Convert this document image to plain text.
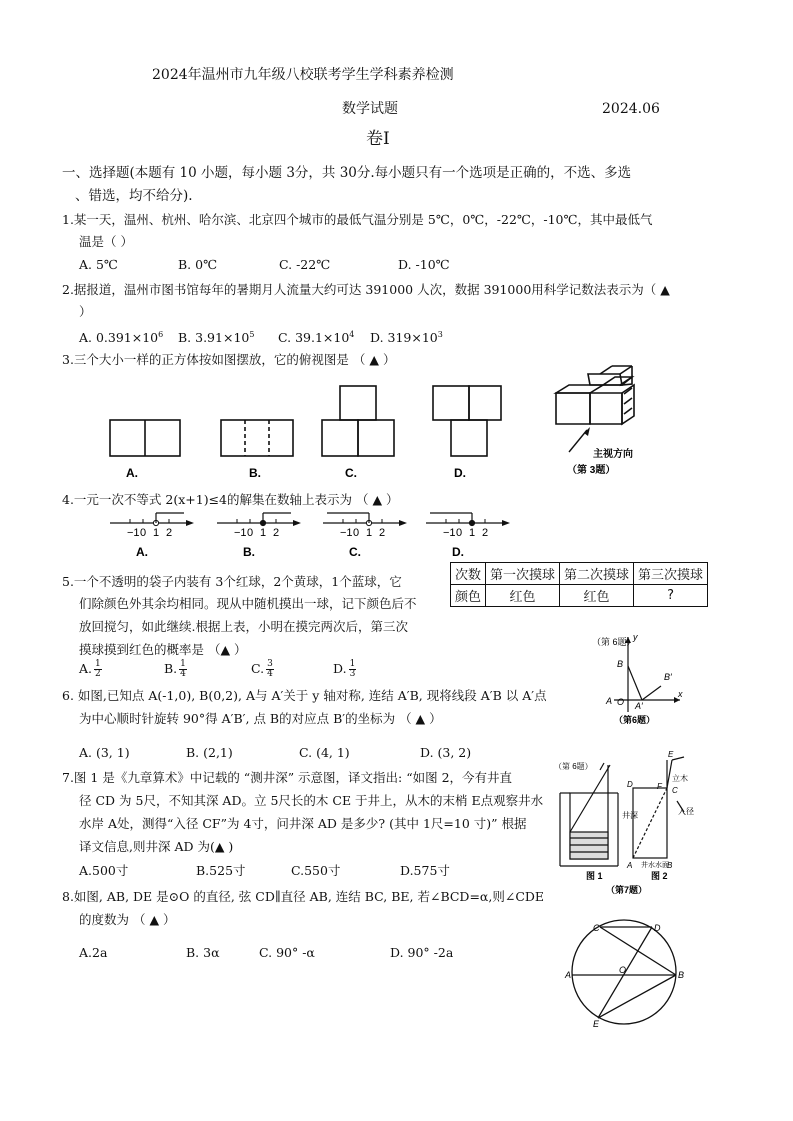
2024年温州市九年级八校联考学生学科素养检测
数学试题	2024.06
卷Ⅰ
一、选择题(本题有 10 小题，每小题 3分，共 30分.每小题只有一个选项是正确的，不选、多选
、错选，均不给分).
1.某一天，温州、杭州、哈尔滨、北京四个城市的最低气温分别是 5℃，0℃，-22℃，-10℃，其中最低气
温是（ ）
A. 5℃	B. 0℃	C. -22℃	D. -10℃
2.据报道，温州市图书馆每年的暑期月人流量大约可达 391000 人次，数据 391000用科学记数法表示为（ ▲
）
A. $0.391\times 10^6$ B. $3.91\times 10^5$ C. $39.1\times 10^4$ D. $319\times 10^3$
3.三个大小一样的正方体按如图摆放，它的俯视图是 （ ▲ ）
A.	B.	C.	D.
主视方向
（第 3题）
4.一元一次不等式 2(x+1)≤4的解集在数轴上表示为 （ ▲ ）
−1 0 1 2
A.
−1 0 1 2
B.
−1 0 1 2
C.
−1 0 1 2
D.
次数	第一次摸球	第二次摸球	第三次摸球
颜色	红色	红色	?
5.一个不透明的袋子内装有 3个红球，2个黄球，1个蓝球，它
们除颜色外其余均相同。现从中随机摸出一球，记下颜色后不
放回搅匀，如此继续.根据上表，小明在摸完两次后，第三次
摸球摸到红色的概率是 （▲ ）
A. $\frac{1}{2}$	B. $\frac{1}{4}$	C. $\frac{3}{4}$	D. $\frac{1}{3}$
（第 6题）
y
B
B′
A O A′
x
（第6题）
6. 如图,已知点 A(-1,0), B(0,2), A与 A′关于 y 轴对称, 连结 A′B, 现将线段 A′B 以 A′点
为中心顺时针旋转 90°得 A′B′, 点 B的对应点 B′的坐标为 （ ▲ ）
A. (3, 1)	B. (2,1)	C. (4, 1)	D. (3, 2)
7.图 1 是《九章算术》中记载的 “测井深” 示意图，译文指出: “如图 2，今有井直
径 CD 为 5尺，不知其深 AD。立 5尺长的木 CE 于井上，从木的末梢 E点观察井水
水岸 A处，测得“入径 CF”为 4寸，问井深 AD 是多少? (其中 1尺=10 寸)” 根据
译文信息,则井深 AD 为(▲ )
A.500寸	B.525寸	C.550寸	D.575寸
（第 6题）
E
D	F C
立木
井深	入径
A	B
井水水面
图 1	图 2
（第7题）
8.如图, AB, DE 是⊙O 的直径, 弦 CD∥直径 AB, 连结 BC, BE, 若∠BCD=α,则∠CDE
的度数为 （ ▲ ）
A.2a	B. 3α	C. 90° -α	D. 90° -2a
C	D
A	O	B
E
